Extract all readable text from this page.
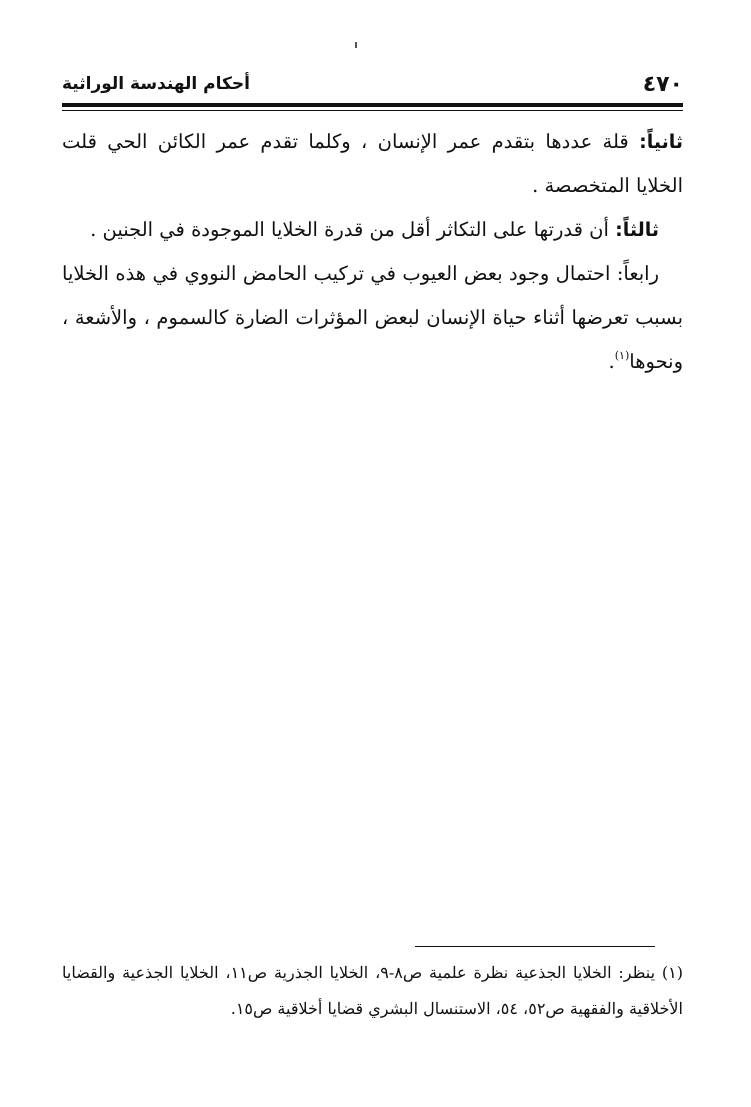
٤٧٠
أحكام الهندسة الوراثية

ثانياً: قلة عددها بتقدم عمر الإنسان ، وكلما تقدم عمر الكائن الحي قلت الخلايا المتخصصة .

ثالثاً: أن قدرتها على التكاثر أقل من قدرة الخلايا الموجودة في الجنين .

رابعاً: احتمال وجود بعض العيوب في تركيب الحامض النووي في هذه الخلايا بسبب تعرضها أثناء حياة الإنسان لبعض المؤثرات الضارة كالسموم ، والأشعة ، ونحوها$^{(١)}$.

(١) ينظر: الخلايا الجذعية نظرة علمية ص٨-٩، الخلايا الجذرية ص١١، الخلايا الجذعية والقضايا الأخلاقية والفقهية ص٥٢، ٥٤، الاستنسال البشري قضايا أخلاقية ص١٥.
